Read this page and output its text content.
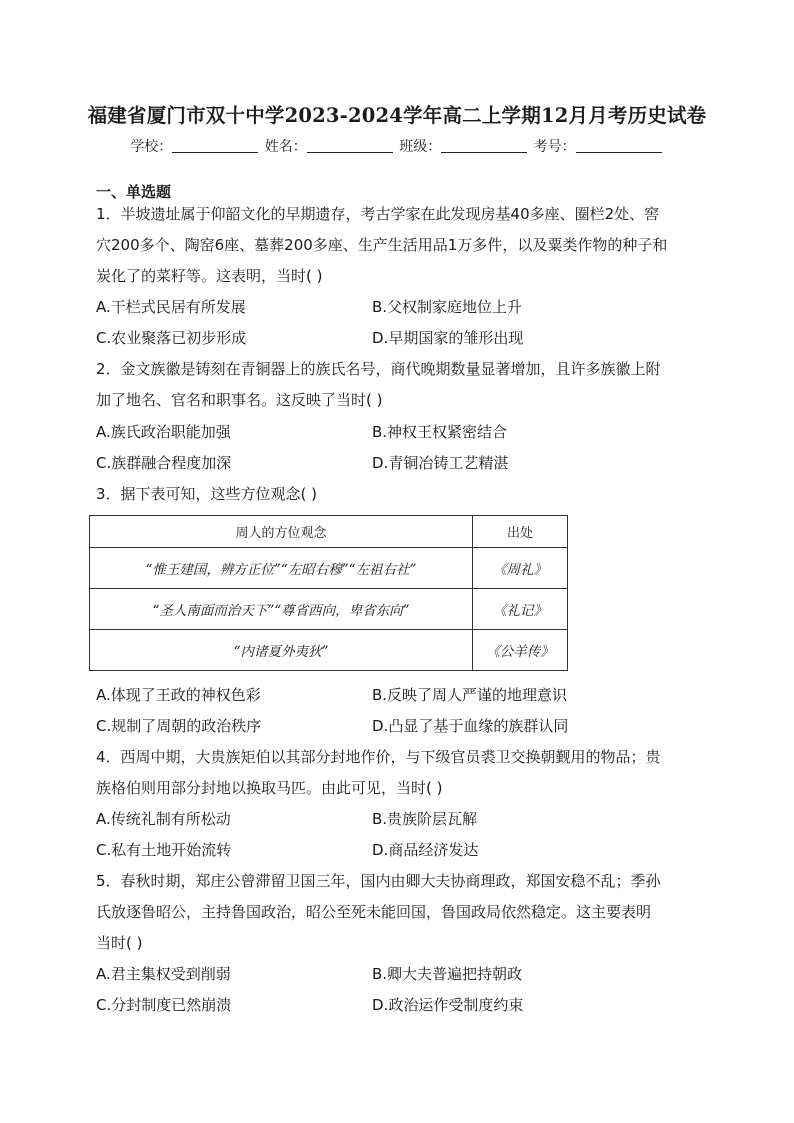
福建省厦门市双十中学2023-2024学年高二上学期12月月考历史试卷
学校：	姓名：	班级：	考号：
一、单选题
1．半坡遗址属于仰韶文化的早期遗存，考古学家在此发现房基40多座、圈栏2处、窖
穴200多个、陶窑6座、墓葬200多座、生产生活用品1万多件，以及粟类作物的种子和
炭化了的菜籽等。这表明，当时( )
A.干栏式民居有所发展	B.父权制家庭地位上升
C.农业聚落已初步形成	D.早期国家的雏形出现
2．金文族徽是铸刻在青铜器上的族氏名号，商代晚期数量显著增加，且许多族徽上附
加了地名、官名和职事名。这反映了当时( )
A.族氏政治职能加强	B.神权王权紧密结合
C.族群融合程度加深	D.青铜冶铸工艺精湛
3．据下表可知，这些方位观念( )
周人的方位观念	出处
“惟王建国，辨方正位”“左昭右穆”“左祖右社”	《周礼》
“圣人南面而治天下”“尊省西向，卑省东向”	《礼记》
“内诸夏外夷狄”	《公羊传》
A.体现了王政的神权色彩	B.反映了周人严谨的地理意识
C.规制了周朝的政治秩序	D.凸显了基于血缘的族群认同
4．西周中期，大贵族矩伯以其部分封地作价，与下级官员裘卫交换朝觐用的物品；贵
族格伯则用部分封地以换取马匹。由此可见，当时( )
A.传统礼制有所松动	B.贵族阶层瓦解
C.私有土地开始流转	D.商品经济发达
5．春秋时期，郑庄公曾滞留卫国三年，国内由卿大夫协商理政，郑国安稳不乱；季孙
氏放逐鲁昭公，主持鲁国政治，昭公至死未能回国，鲁国政局依然稳定。这主要表明
当时( )
A.君主集权受到削弱	B.卿大夫普遍把持朝政
C.分封制度已然崩溃	D.政治运作受制度约束
